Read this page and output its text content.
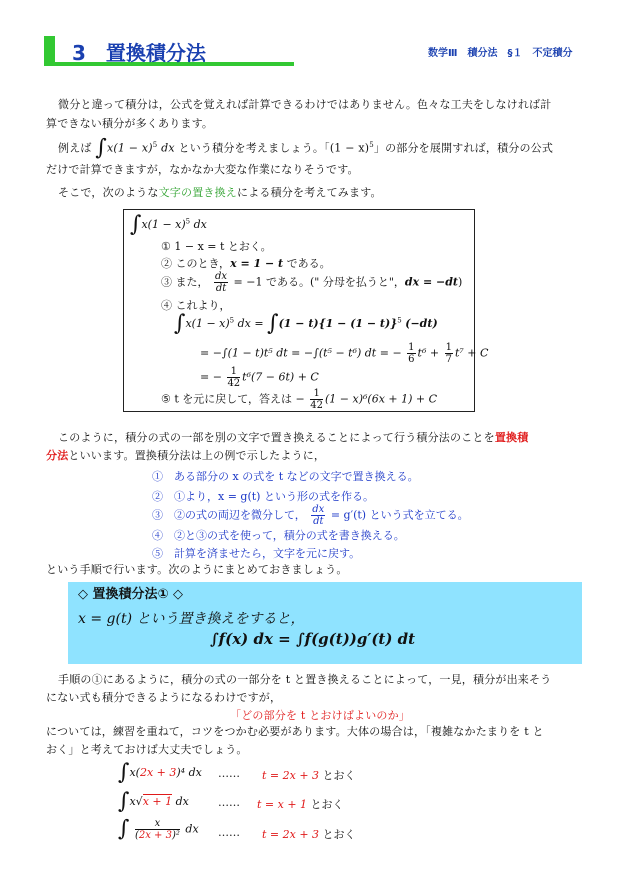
3　置換積分法	数学Ⅲ　積分法　§１　不定積分
微分と違って積分は，公式を覚えれば計算できるわけではありません。色々な工夫をしなければ計
算できない積分が多くあります。
例えば $\int x(1 - x)^5$ dx という積分を考えましょう。「$(1 - x)^5$」の部分を展開すれば，積分の公式
だけで計算できますが，なかなか大変な作業になりそうです。
そこで，次のような文字の置き換えによる積分を考えてみます。
$\int x(1 - x)^5$ dx
① 1 − x = t とおく。
② このとき，x = 1 − t である。
③ また， $\frac{dx}{dt} = -1$ である。(" 分母を払うと"，dx = −dt)
④ これより，
$\int x(1 - x)^5$ dx = $\int(1 - t)\{1 - (1 - t)\}^5$ (−dt)
= −∫(1 − t)t⁵ dt = −∫(t⁵ − t⁶) dt = − $\frac{1}{6} t^6 + \frac{1}{7} t^7 + C$
= − $\frac{1}{42} t^6(7 - 6t) + C$
⑤ t を元に戻して，答えは − $\frac{1}{42} (1 - x)^6(6x + 1) + C$
このように，積分の式の一部を別の文字で置き換えることによって行う積分法のことを置換積
分法といいます。置換積分法は上の例で示したように，
①　ある部分の x の式を t などの文字で置き換える。
②　①より，x = g(t) という形の式を作る。
③　②の式の両辺を微分して， $\frac{dx}{dt} = g'(t)$ という式を立てる。
④　②と③の式を使って，積分の式を書き換える。
⑤　計算を済ませたら，文字を元に戻す。
という手順で行います。次のようにまとめておきましょう。
◇ 置換積分法① ◇
x = g(t) という置き換えをすると，
∫f(x) dx = ∫f(g(t))g′(t) dt
手順の①にあるように，積分の式の一部分を t と置き換えることによって，一見，積分が出来そう
にない式も積分できるようになるわけですが，
「どの部分を t とおけばよいのか」
については，練習を重ねて，コツをつかむ必要があります。大体の場合は，「複雑なかたまりを t と
おく」と考えておけば大丈夫でしょう。
∫x(2x + 3)⁴ dx …… t = 2x + 3 とおく
∫x√x + 1 dx	…… t = x + 1 とおく
∫ $\frac{x}{\text{(2x + 3)²}}$ dx …… t = 2x + 3 とおく
